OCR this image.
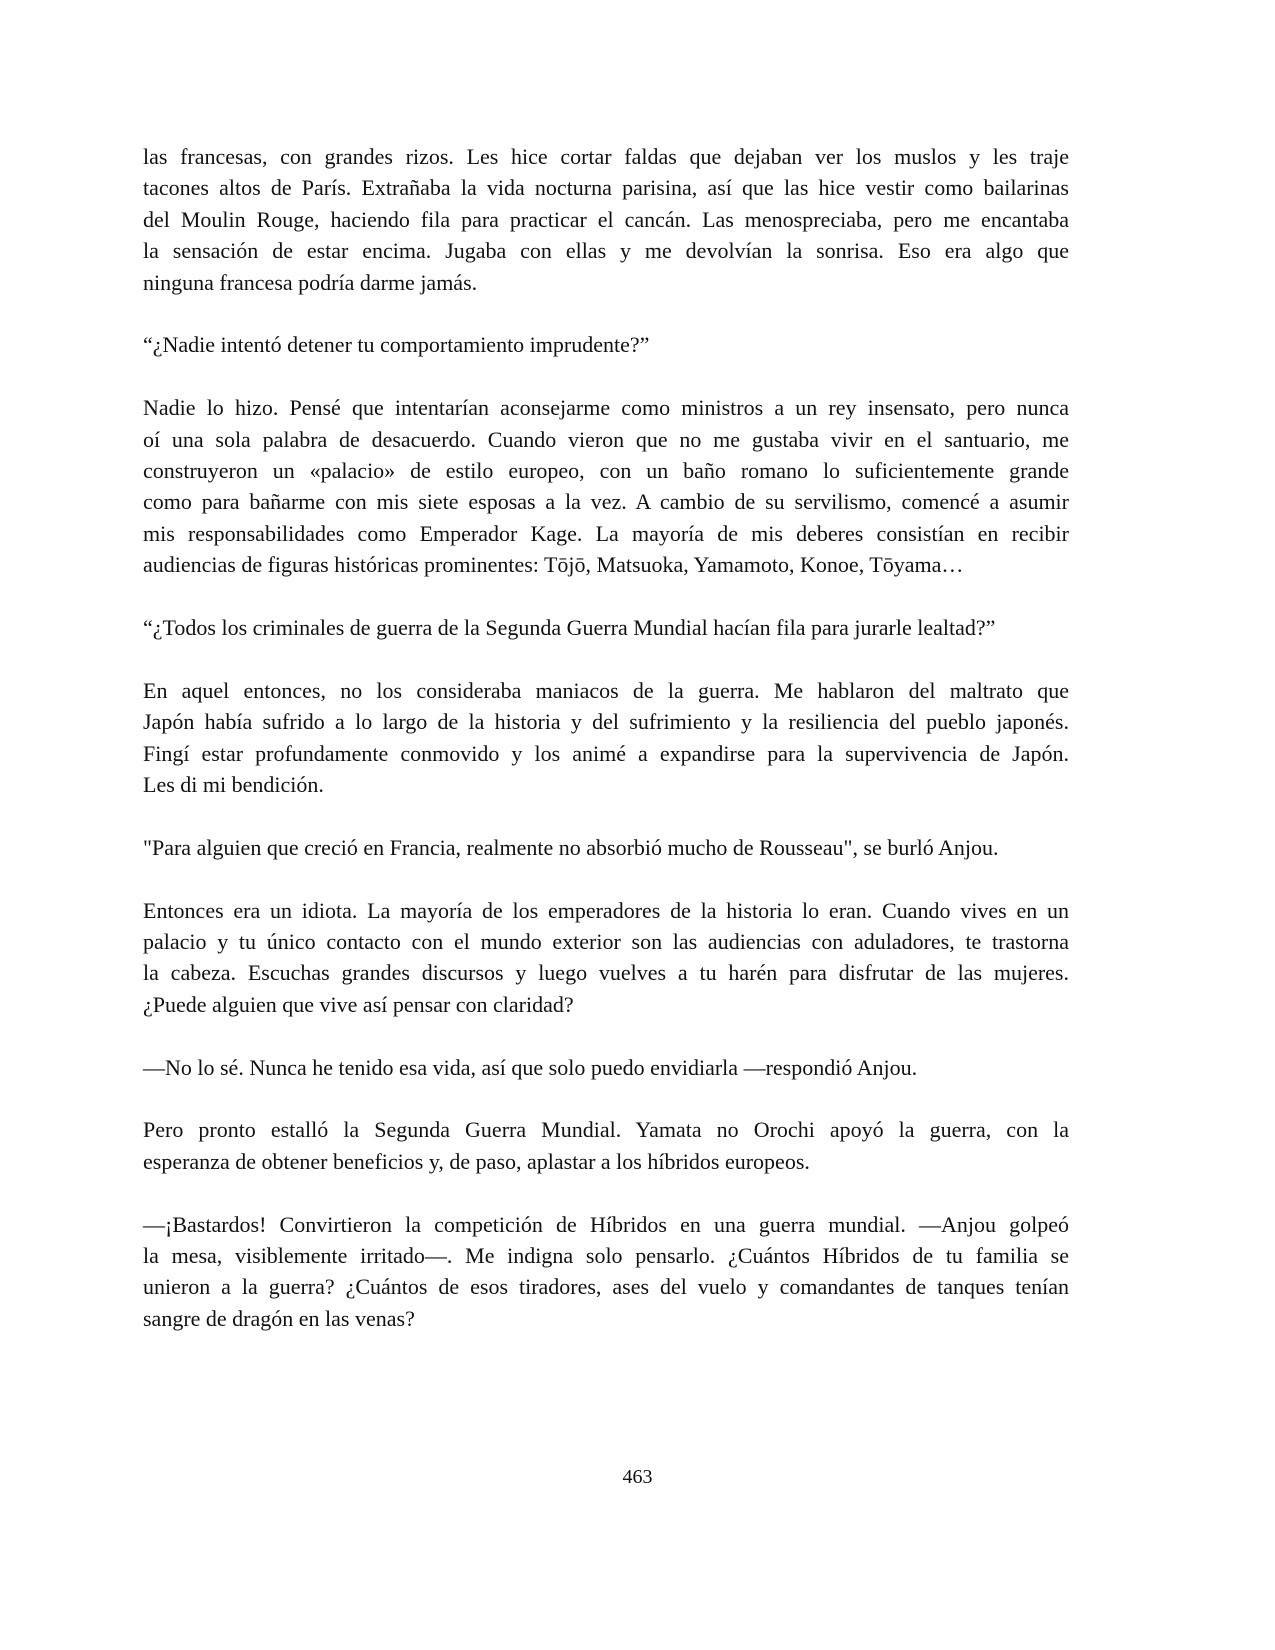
las francesas, con grandes rizos. Les hice cortar faldas que dejaban ver los muslos y les traje
tacones altos de París. Extrañaba la vida nocturna parisina, así que las hice vestir como bailarinas
del Moulin Rouge, haciendo fila para practicar el cancán. Las menospreciaba, pero me encantaba
la sensación de estar encima. Jugaba con ellas y me devolvían la sonrisa. Eso era algo que
ninguna francesa podría darme jamás.
“¿Nadie intentó detener tu comportamiento imprudente?”
Nadie lo hizo. Pensé que intentarían aconsejarme como ministros a un rey insensato, pero nunca
oí una sola palabra de desacuerdo. Cuando vieron que no me gustaba vivir en el santuario, me
construyeron un «palacio» de estilo europeo, con un baño romano lo suficientemente grande
como para bañarme con mis siete esposas a la vez. A cambio de su servilismo, comencé a asumir
mis responsabilidades como Emperador Kage. La mayoría de mis deberes consistían en recibir
audiencias de figuras históricas prominentes: Tōjō, Matsuoka, Yamamoto, Konoe, Tōyama…
“¿Todos los criminales de guerra de la Segunda Guerra Mundial hacían fila para jurarle lealtad?”
En aquel entonces, no los consideraba maniacos de la guerra. Me hablaron del maltrato que
Japón había sufrido a lo largo de la historia y del sufrimiento y la resiliencia del pueblo japonés.
Fingí estar profundamente conmovido y los animé a expandirse para la supervivencia de Japón.
Les di mi bendición.
"Para alguien que creció en Francia, realmente no absorbió mucho de Rousseau", se burló Anjou.
Entonces era un idiota. La mayoría de los emperadores de la historia lo eran. Cuando vives en un
palacio y tu único contacto con el mundo exterior son las audiencias con aduladores, te trastorna
la cabeza. Escuchas grandes discursos y luego vuelves a tu harén para disfrutar de las mujeres.
¿Puede alguien que vive así pensar con claridad?
—No lo sé. Nunca he tenido esa vida, así que solo puedo envidiarla —respondió Anjou.
Pero pronto estalló la Segunda Guerra Mundial. Yamata no Orochi apoyó la guerra, con la
esperanza de obtener beneficios y, de paso, aplastar a los híbridos europeos.
—¡Bastardos! Convirtieron la competición de Híbridos en una guerra mundial. —Anjou golpeó
la mesa, visiblemente irritado—. Me indigna solo pensarlo. ¿Cuántos Híbridos de tu familia se
unieron a la guerra? ¿Cuántos de esos tiradores, ases del vuelo y comandantes de tanques tenían
sangre de dragón en las venas?
463
